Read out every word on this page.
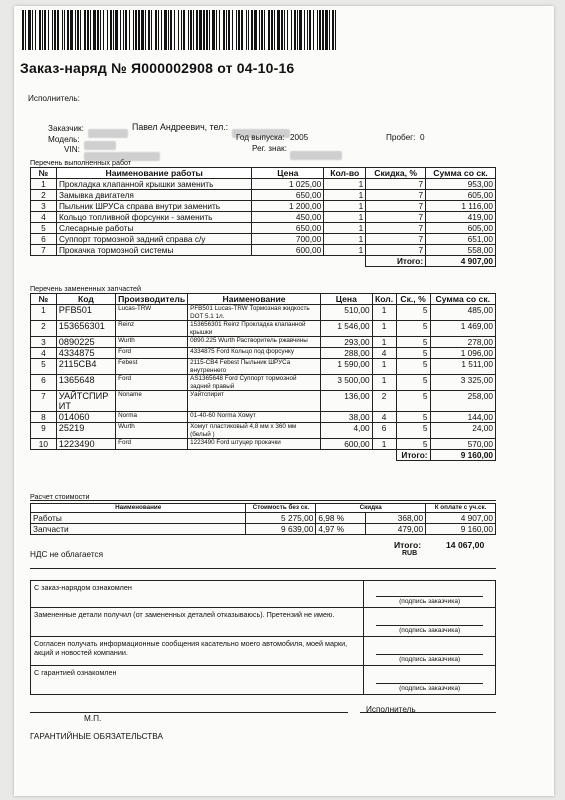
Заказ-наряд № Я000002908 от 04-10-16
Исполнитель:
Заказчик:	Павел Андреевич, тел.:
Модель:	Год выпуска: 2005	Пробег: 0
VIN:	Рег. знак:
Перечень выполненных работ
№	Наименование работы	Цена	Кол-во	Скидка, %	Сумма со ск.
1	Прокладка клапанной крышки заменить	1 025,00	1	7	953,00
2	Замывка двигателя	650,00	1	7	605,00
3	Пыльник ШРУСа справа внутри заменить	1 200,00	1	7	1 116,00
4	Кольцо топливной форсунки - заменить	450,00	1	7	419,00
5	Слесарные работы	650,00	1	7	605,00
6	Суппорт тормозной задний справа с/у	700,00	1	7	651,00
7	Прокачка тормозной системы	600,00	1	7	558,00
				Итого:	4 907,00
Перечень замененных запчастей
№	Код	Производитель	Наименование	Цена	Кол.	Ск., %	Сумма со ск.
1	PFB501	Lucas-TRW	PFB501 Lucas-TRW Тормозная жидкость DOT 5.1 1л.	510,00	1	5	485,00
2	153656301	Reinz	153656301 Reinz Прокладка клапанной крышки	1 546,00	1	5	1 469,00
3	0890225	Wurth	0890.225 Wurth Растворитель ржавчины	293,00	1	5	278,00
4	4334875	Ford	4334875 Ford Кольцо под форсунку	288,00	4	5	1 096,00
5	2115CB4	Febest	2115-CB4 Febest Пыльник ШРУСа внутреннего	1 590,00	1	5	1 511,00
6	1365648	Ford	AS1365648 Ford Суппорт тормозной задний правый	3 500,00	1	5	3 325,00
7	УАЙТСПИРИТ	Noname	Уайтспирит	136,00	2	5	258,00
8	014060	Norma	01-40-60 Norma Хомут	38,00	4	5	144,00
9	25219	Wurth	Хомут пластиковый 4,8 мм х 360 мм (белый )	4,00	6	5	24,00
10	1223490	Ford	1223490 Ford штуцер прокачки	600,00	1	5	570,00
						Итого:	9 160,00
Расчет стоимости
Наименование	Стоимость без ск.	Скидка		К оплате с уч.ск.
Работы	5 275,00	6,98 %	368,00	4 907,00
Запчасти	9 639,00	4,97 %	479,00	9 160,00
НДС не облагается
Итого:	14 067,00
RUB
С заказ-нарядом ознакомлен	(подпись заказчика)

Замененные детали получил (от замененных деталей отказываюсь). Претензий не имею.	(подпись заказчика)

Согласен получать информационные сообщения касательно моего автомобиля, моей марки, акций и новостей компании.	(подпись заказчика)

С гарантией ознакомлен	(подпись заказчика)
М.П.
Исполнитель
ГАРАНТИЙНЫЕ ОБЯЗАТЕЛЬСТВА
